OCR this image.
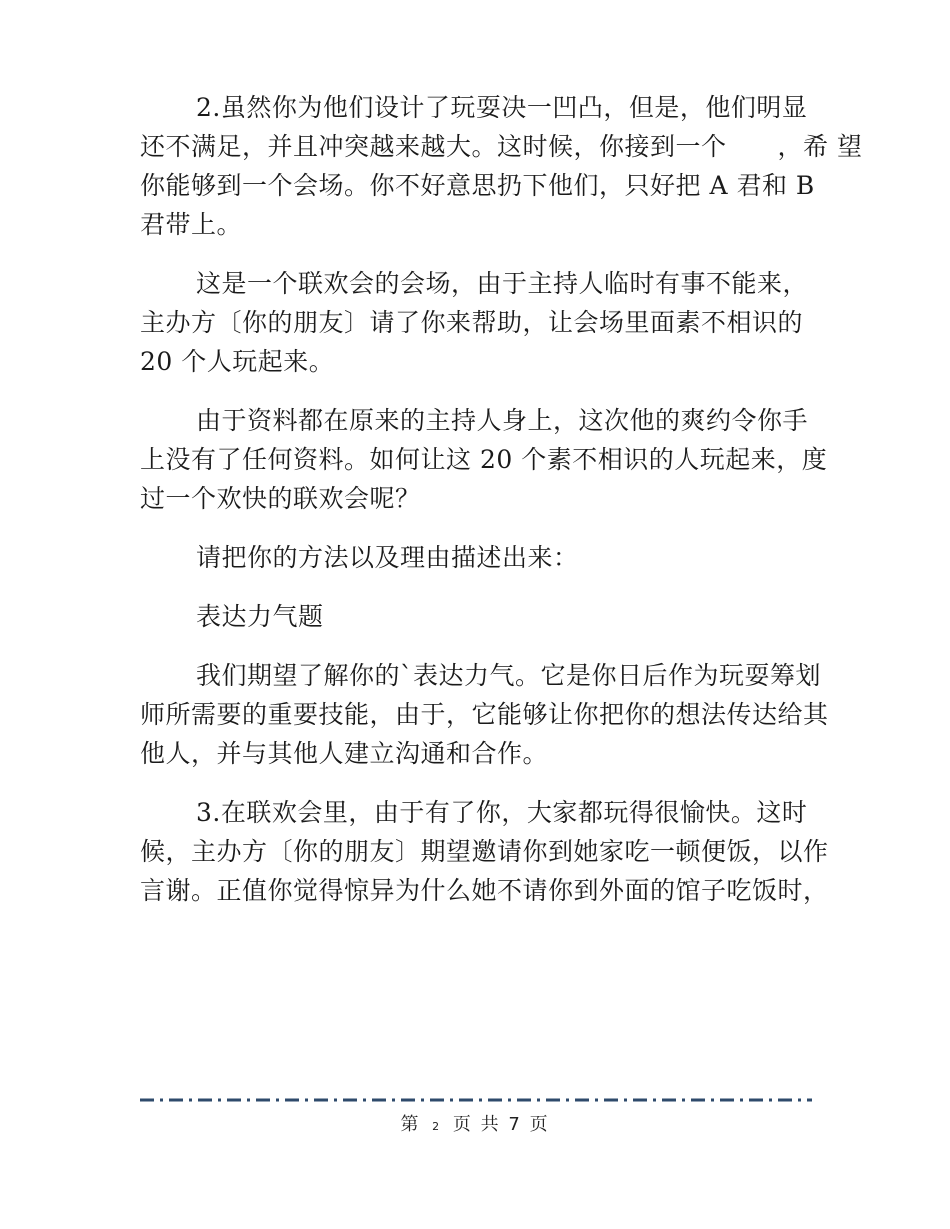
2.虽然你为他们设计了玩耍决一凹凸，但是，他们明显
还不满足，并且冲突越来越大。这时候，你接到一个　　，希 望
你能够到一个会场。你不好意思扔下他们，只好把 A 君和 B
君带上。
这是一个联欢会的会场，由于主持人临时有事不能来，
主办方〔你的朋友〕请了你来帮助，让会场里面素不相识的
20 个人玩起来。
由于资料都在原来的主持人身上，这次他的爽约令你手
上没有了任何资料。如何让这 20 个素不相识的人玩起来，度
过一个欢快的联欢会呢？
请把你的方法以及理由描述出来：
表达力气题
我们期望了解你的`表达力气。它是你日后作为玩耍筹划
师所需要的重要技能，由于，它能够让你把你的想法传达给其
他人，并与其他人建立沟通和合作。
3.在联欢会里，由于有了你，大家都玩得很愉快。这时
候，主办方〔你的朋友〕期望邀请你到她家吃一顿便饭，以作
言谢。正值你觉得惊异为什么她不请你到外面的馆子吃饭时，
第 2 页 共 7 页
